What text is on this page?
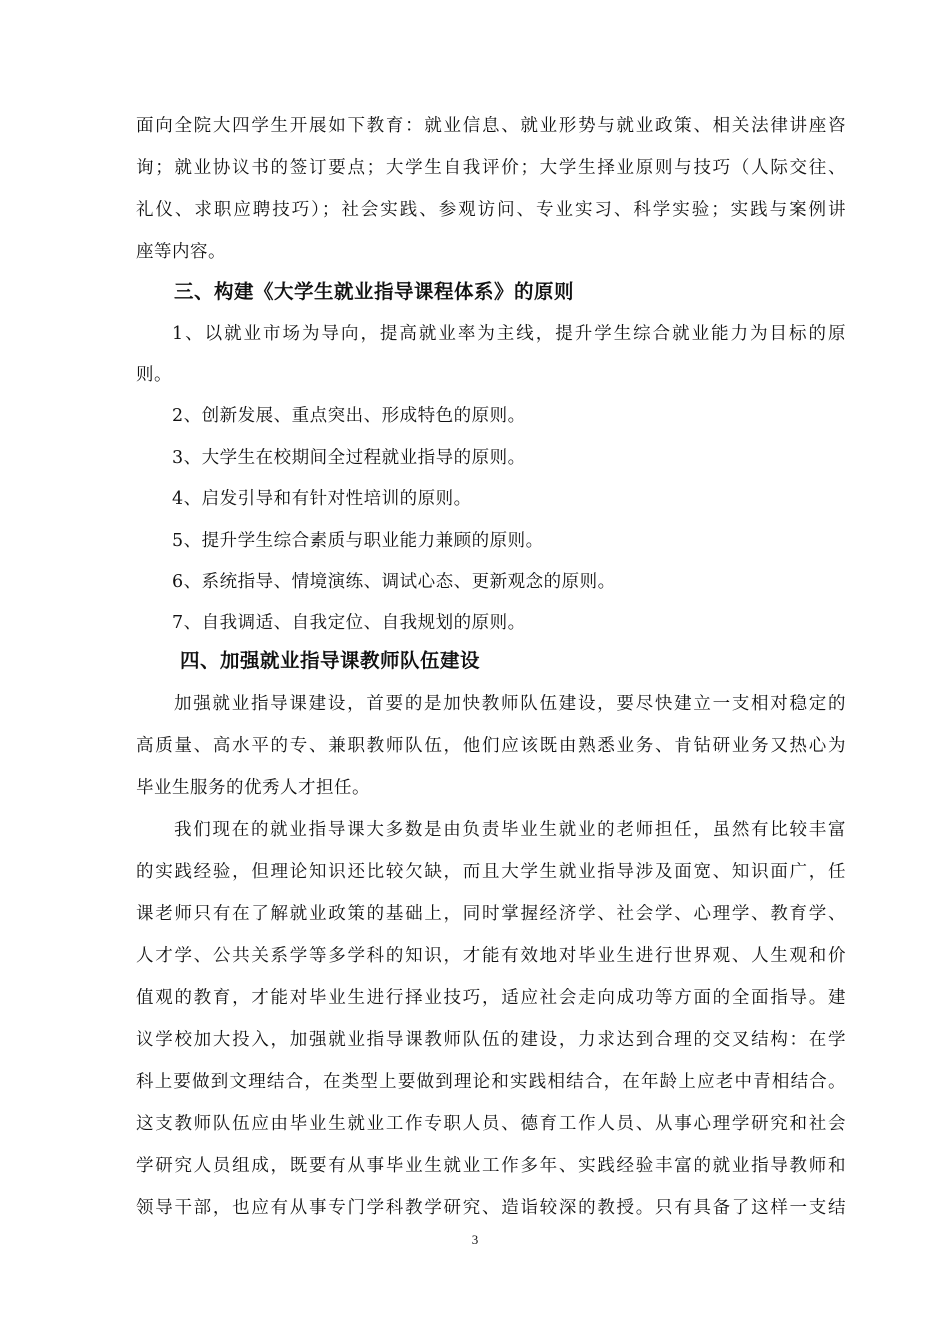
面向全院大四学生开展如下教育：就业信息、就业形势与就业政策、相关法律讲座咨
询；就业协议书的签订要点；大学生自我评价；大学生择业原则与技巧（人际交往、
礼仪、求职应聘技巧）；社会实践、参观访问、专业实习、科学实验；实践与案例讲
座等内容。
三、构建《大学生就业指导课程体系》的原则
1、以就业市场为导向，提高就业率为主线，提升学生综合就业能力为目标的原
则。
2、创新发展、重点突出、形成特色的原则。
3、大学生在校期间全过程就业指导的原则。
4、启发引导和有针对性培训的原则。
5、提升学生综合素质与职业能力兼顾的原则。
6、系统指导、情境演练、调试心态、更新观念的原则。
7、自我调适、自我定位、自我规划的原则。
四、加强就业指导课教师队伍建设
加强就业指导课建设，首要的是加快教师队伍建设，要尽快建立一支相对稳定的
高质量、高水平的专、兼职教师队伍，他们应该既由熟悉业务、肯钻研业务又热心为
毕业生服务的优秀人才担任。
我们现在的就业指导课大多数是由负责毕业生就业的老师担任，虽然有比较丰富
的实践经验，但理论知识还比较欠缺，而且大学生就业指导涉及面宽、知识面广，任
课老师只有在了解就业政策的基础上，同时掌握经济学、社会学、心理学、教育学、
人才学、公共关系学等多学科的知识，才能有效地对毕业生进行世界观、人生观和价
值观的教育，才能对毕业生进行择业技巧，适应社会走向成功等方面的全面指导。建
议学校加大投入，加强就业指导课教师队伍的建设，力求达到合理的交叉结构：在学
科上要做到文理结合，在类型上要做到理论和实践相结合，在年龄上应老中青相结合。
这支教师队伍应由毕业生就业工作专职人员、德育工作人员、从事心理学研究和社会
学研究人员组成，既要有从事毕业生就业工作多年、实践经验丰富的就业指导教师和
领导干部，也应有从事专门学科教学研究、造诣较深的教授。只有具备了这样一支结
3
